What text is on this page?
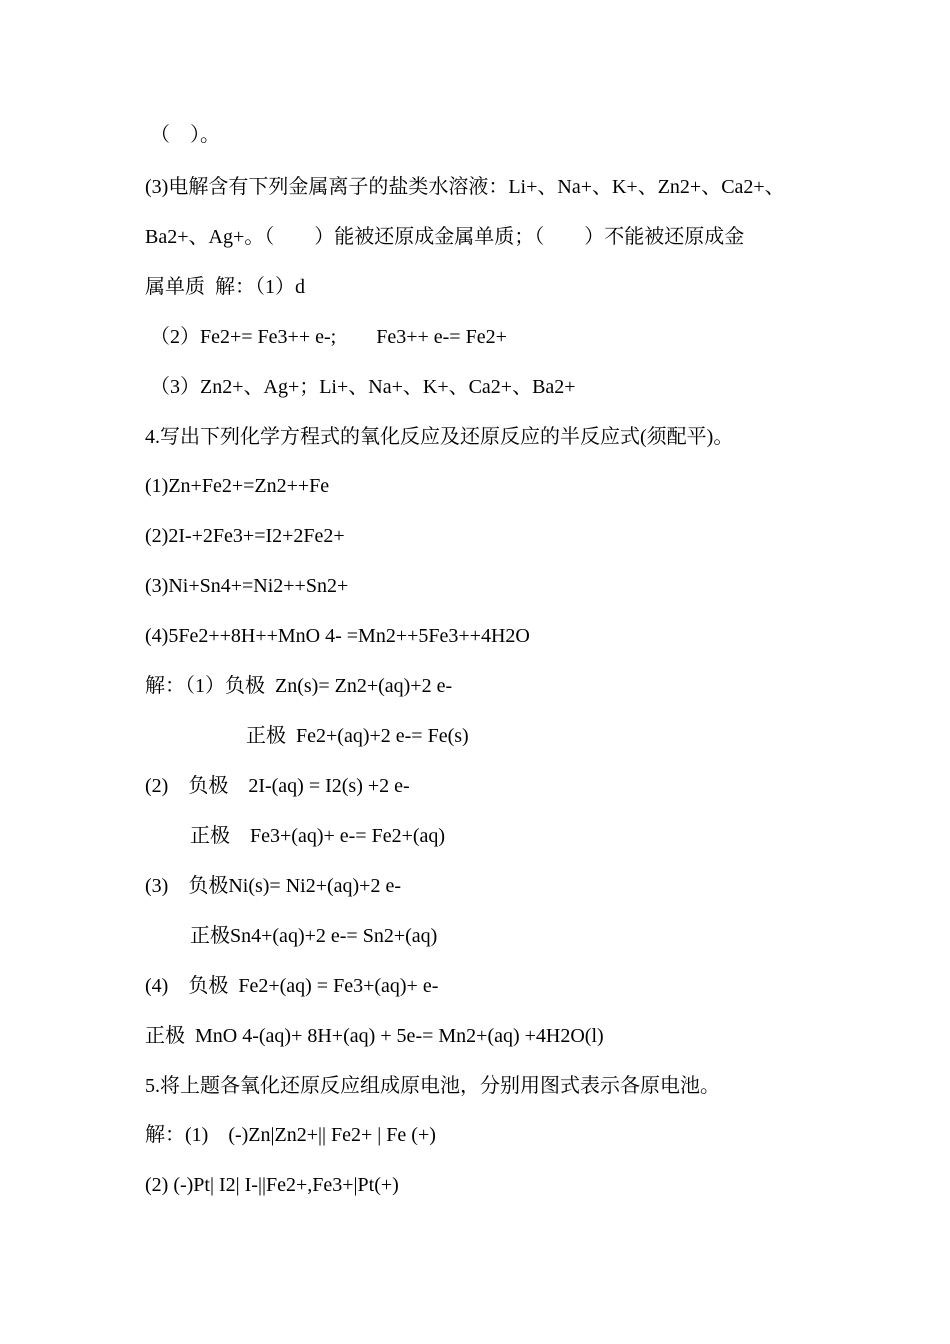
（　）。
(3)电解含有下列金属离子的盐类水溶液：Li+、Na+、K+、Zn2+、Ca2+、
Ba2+、Ag+。（　　）能被还原成金属单质；（　　）不能被还原成金
属单质  解：（1）d
（2）Fe2+= Fe3++ e-;        Fe3++ e-= Fe2+
（3）Zn2+、Ag+；Li+、Na+、K+、Ca2+、Ba2+
4.写出下列化学方程式的氧化反应及还原反应的半反应式(须配平)。
(1)Zn+Fe2+=Zn2++Fe
(2)2I-+2Fe3+=I2+2Fe2+
(3)Ni+Sn4+=Ni2++Sn2+
(4)5Fe2++8H++MnO 4- =Mn2++5Fe3++4H2O
解：（1）负极  Zn(s)= Zn2+(aq)+2 e-
正极  Fe2+(aq)+2 e-= Fe(s)
(2)    负极    2I-(aq) = I2(s) +2 e-
正极    Fe3+(aq)+ e-= Fe2+(aq)
(3)    负极Ni(s)= Ni2+(aq)+2 e-
正极Sn4+(aq)+2 e-= Sn2+(aq)
(4)    负极  Fe2+(aq) = Fe3+(aq)+ e-
正极  MnO 4-(aq)+ 8H+(aq) + 5e-= Mn2+(aq) +4H2O(l)
5.将上题各氧化还原反应组成原电池，分别用图式表示各原电池。
解：(1)    (-)Zn|Zn2+|| Fe2+ | Fe (+)
(2) (-)Pt| I2| I-||Fe2+,Fe3+|Pt(+)
